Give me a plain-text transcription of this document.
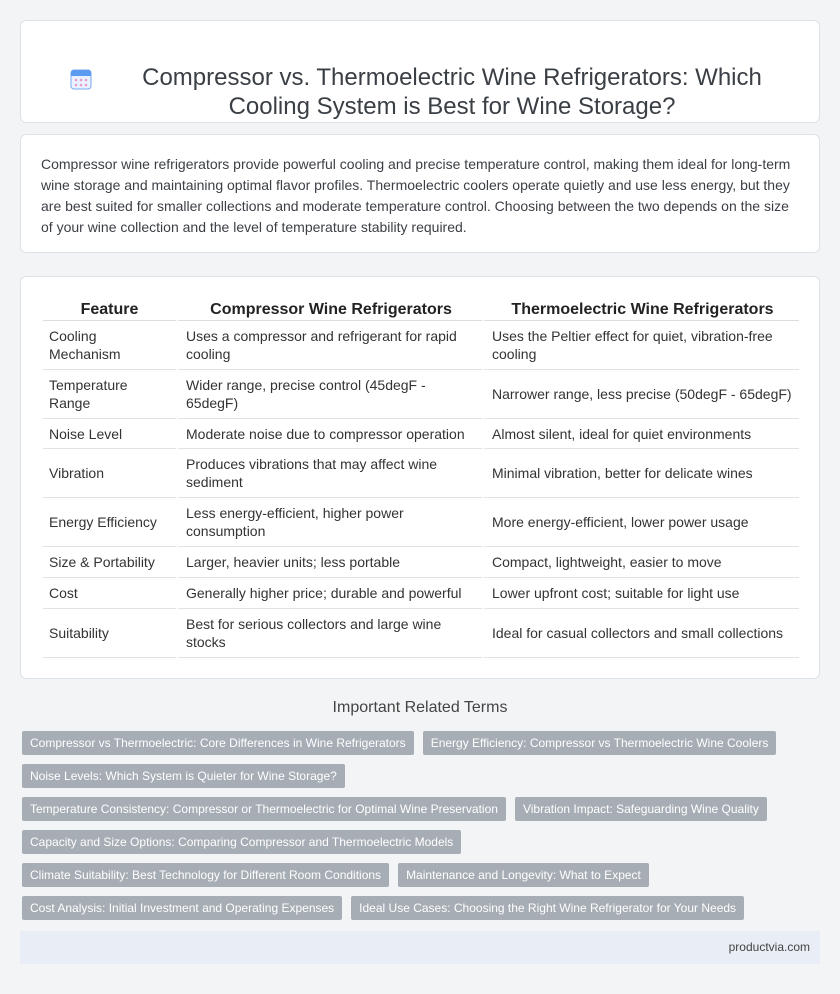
Compressor vs. Thermoelectric Wine Refrigerators: Which Cooling System is Best for Wine Storage?

Compressor wine refrigerators provide powerful cooling and precise temperature control, making them ideal for long-term wine storage and maintaining optimal flavor profiles. Thermoelectric coolers operate quietly and use less energy, but they are best suited for smaller collections and moderate temperature control. Choosing between the two depends on the size of your wine collection and the level of temperature stability required.

Feature	Compressor Wine Refrigerators	Thermoelectric Wine Refrigerators
Cooling Mechanism	Uses a compressor and refrigerant for rapid cooling	Uses the Peltier effect for quiet, vibration-free cooling
Temperature Range	Wider range, precise control (45degF - 65degF)	Narrower range, less precise (50degF - 65degF)
Noise Level	Moderate noise due to compressor operation	Almost silent, ideal for quiet environments
Vibration	Produces vibrations that may affect wine sediment	Minimal vibration, better for delicate wines
Energy Efficiency	Less energy-efficient, higher power consumption	More energy-efficient, lower power usage
Size & Portability	Larger, heavier units; less portable	Compact, lightweight, easier to move
Cost	Generally higher price; durable and powerful	Lower upfront cost; suitable for light use
Suitability	Best for serious collectors and large wine stocks	Ideal for casual collectors and small collections
Important Related Terms
Compressor vs Thermoelectric: Core Differences in Wine Refrigerators	Energy Efficiency: Compressor vs Thermoelectric Wine Coolers
Noise Levels: Which System is Quieter for Wine Storage?
Temperature Consistency: Compressor or Thermoelectric for Optimal Wine Preservation	Vibration Impact: Safeguarding Wine Quality
Capacity and Size Options: Comparing Compressor and Thermoelectric Models
Climate Suitability: Best Technology for Different Room Conditions	Maintenance and Longevity: What to Expect
Cost Analysis: Initial Investment and Operating Expenses	Ideal Use Cases: Choosing the Right Wine Refrigerator for Your Needs
productvia.com
